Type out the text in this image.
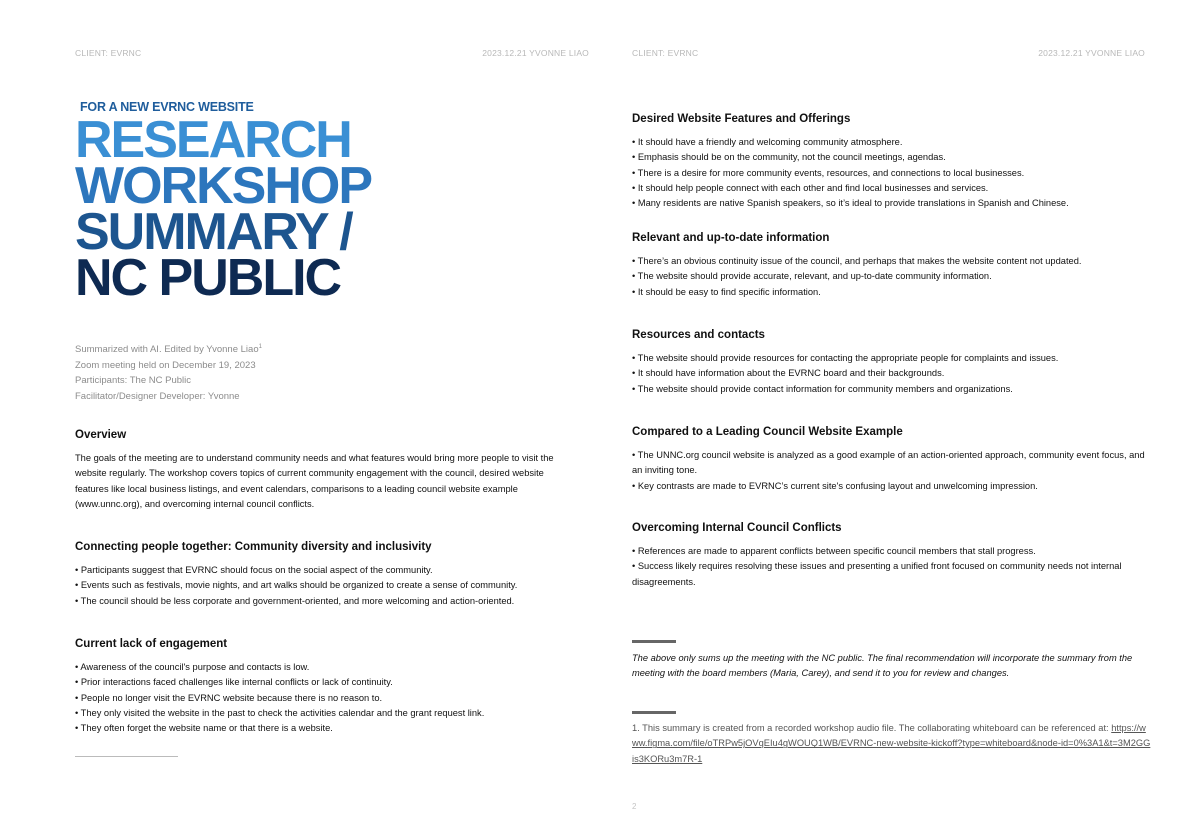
CLIENT: EVRNC	2023.12.21 YVONNE LIAO
FOR A NEW EVRNC WEBSITE
RESEARCH
WORKSHOP
SUMMARY /
NC PUBLIC
Summarized with AI. Edited by Yvonne Liao$^1$
Zoom meeting held on December 19, 2023
Participants: The NC Public
Facilitator/Designer Developer: Yvonne
Overview

The goals of the meeting are to understand community needs and what features would bring more people to visit the website regularly. The workshop covers topics of current community engagement with the council, desired website features like local business listings, and event calendars, comparisons to a leading council website example (www.unnc.org), and overcoming internal council conflicts.

Connecting people together: Community diversity and inclusivity
• Participants suggest that EVRNC should focus on the social aspect of the community.
• Events such as festivals, movie nights, and art walks should be organized to create a sense of community.
• The council should be less corporate and government-oriented, and more welcoming and action-oriented.
Current lack of engagement
• Awareness of the council's purpose and contacts is low.
• Prior interactions faced challenges like internal conflicts or lack of continuity.
• People no longer visit the EVRNC website because there is no reason to.
• They only visited the website in the past to check the activities calendar and the grant request link.
• They often forget the website name or that there is a website.
CLIENT: EVRNC	2023.12.21 YVONNE LIAO
Desired Website Features and Offerings
• It should have a friendly and welcoming community atmosphere.
• Emphasis should be on the community, not the council meetings, agendas.
• There is a desire for more community events, resources, and connections to local businesses.
• It should help people connect with each other and find local businesses and services.
• Many residents are native Spanish speakers, so it’s ideal to provide translations in Spanish and Chinese.
Relevant and up-to-date information
• There’s an obvious continuity issue of the council, and perhaps that makes the website content not updated.
• The website should provide accurate, relevant, and up-to-date community information.
• It should be easy to find specific information.
Resources and contacts
• The website should provide resources for contacting the appropriate people for complaints and issues.
• It should have information about the EVRNC board and their backgrounds.
• The website should provide contact information for community members and organizations.
Compared to a Leading Council Website Example
• The UNNC.org council website is analyzed as a good example of an action-oriented approach, community event focus, and an inviting tone.
• Key contrasts are made to EVRNC’s current site's confusing layout and unwelcoming impression.
Overcoming Internal Council Conflicts
• References are made to apparent conflicts between specific council members that stall progress.
• Success likely requires resolving these issues and presenting a unified front focused on community needs not internal disagreements.
The above only sums up the meeting with the NC public. The final recommendation will incorporate the summary from the meeting with the board members (Maria, Carey), and send it to you for review and changes.
1. This summary is created from a recorded workshop audio file. The collaborating whiteboard can be referenced at: https://www.figma.com/file/oTRPw5jOVqEIu4gWOUQ1WB/EVRNC-new-website-kickoff?type=whiteboard&node-id=0%3A1&t=3M2GGis3KORu3m7R-1
2
